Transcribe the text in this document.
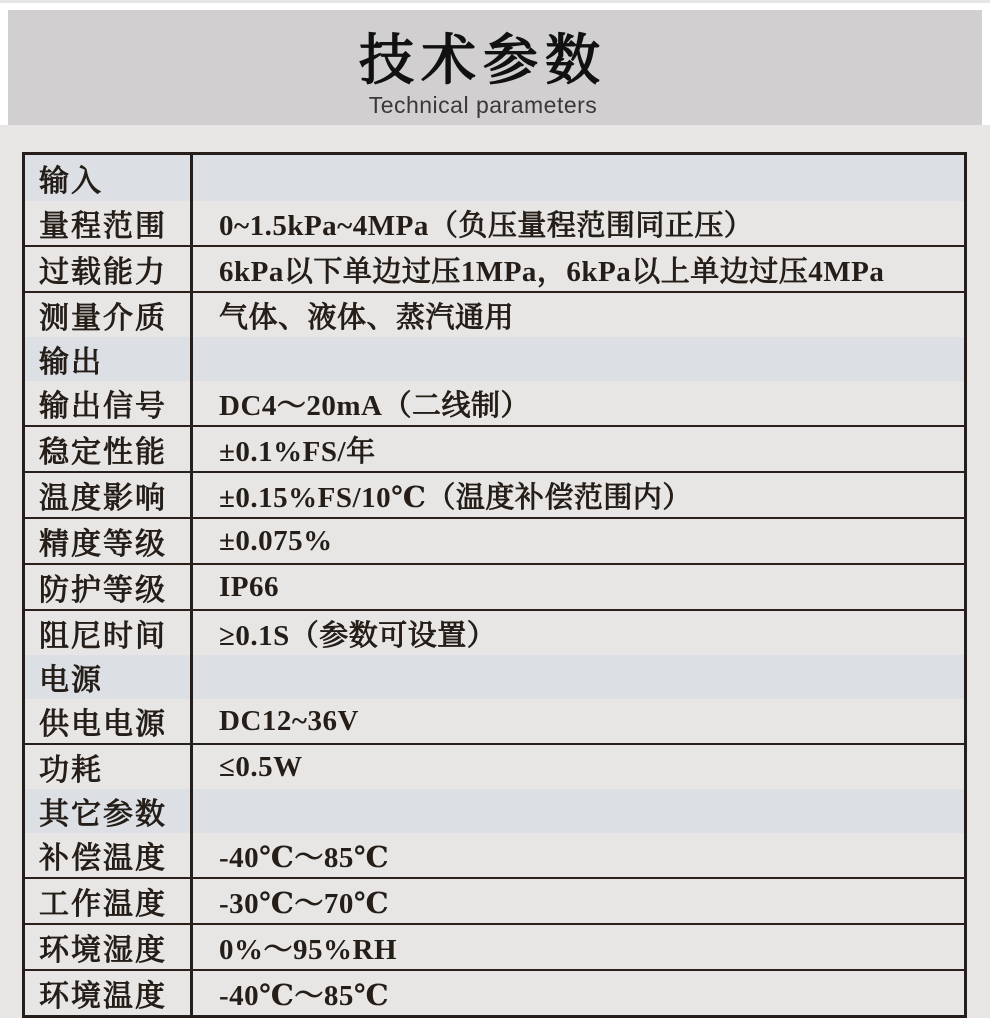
技术参数
Technical parameters
输入
量程范围	0~1.5kPa~4MPa（负压量程范围同正压）
过载能力	6kPa以下单边过压1MPa，6kPa以上单边过压4MPa
测量介质	气体、液体、蒸汽通用
输出
输出信号	DC4～20mA（二线制）
稳定性能	±0.1%FS/年
温度影响	±0.15%FS/10℃（温度补偿范围内）
精度等级	±0.075%
防护等级	IP66
阻尼时间	≥0.1S（参数可设置）
电源
供电电源	DC12~36V
功耗	≤0.5W
其它参数
补偿温度	-40℃～85℃
工作温度	-30℃～70℃
环境湿度	0%～95%RH
环境温度	-40℃～85℃
